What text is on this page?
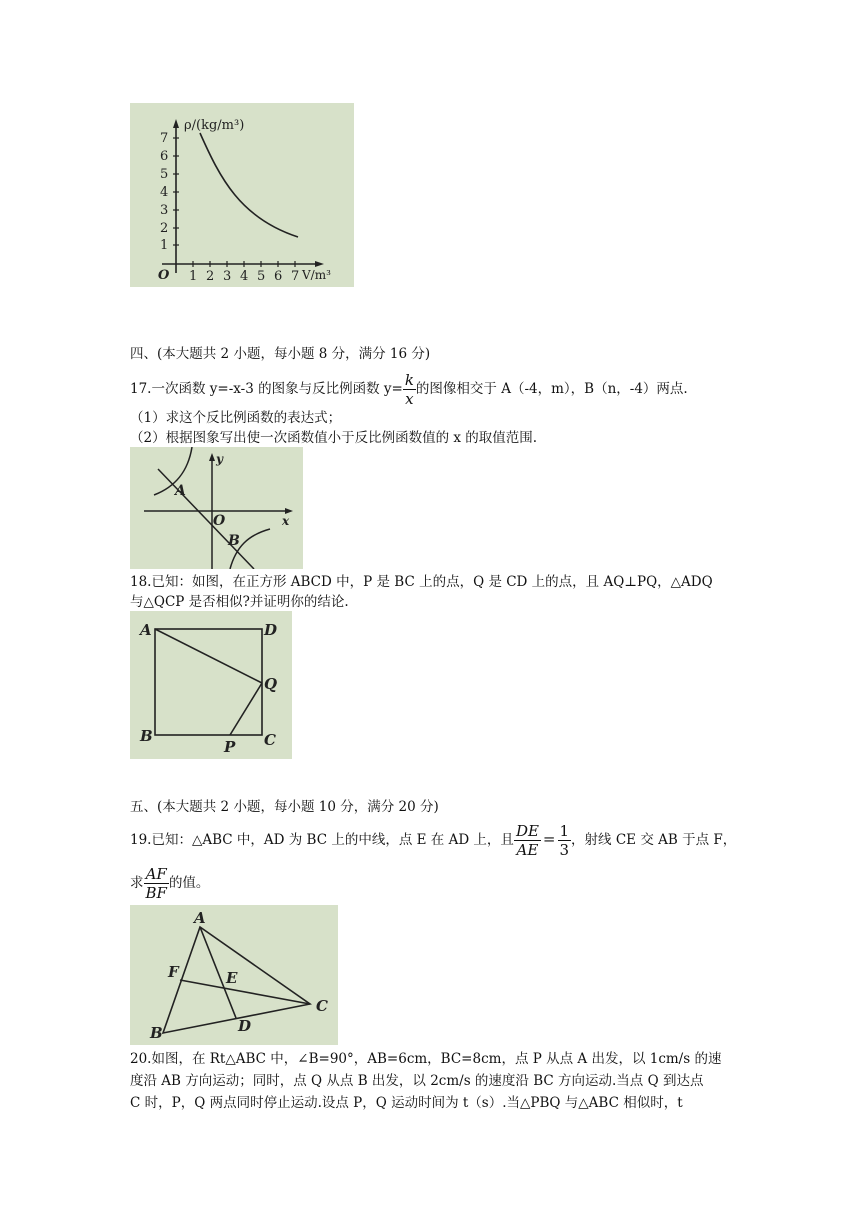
1
2
3
4
5
6
7
1 2 3 4 5 6 7
O
ρ/(kg/m³)
V/m³
四、(本大题共 2 小题，每小题 8 分，满分 16 分)
17.一次函数 y=-x-3 的图象与反比例函数 $y= \frac{k}{x}$ 的图像相交于 A（-4，m），B（n，-4）两点.
（1）求这个反比例函数的表达式；
（2）根据图象写出使一次函数值小于反比例函数值的 x 的取值范围.
y
x
O
A
B
18.已知：如图，在正方形 ABCD 中，P 是 BC 上的点，Q 是 CD 上的点，且 AQ⊥PQ，△ADQ
与△QCP 是否相似?并证明你的结论.
A	D
Q
B	C
P
五、(本大题共 2 小题，每小题 10 分，满分 20 分)
19.已知：△ABC 中，AD 为 BC 上的中线，点 E 在 AD 上，且 $\frac{DE}{AE} = \frac{1}{3}$ ，射线 CE 交 AB 于点 F，
求 $\frac{AF}{BF}$ 的值。
A
F	E
C
D
B
20.如图，在 Rt△ABC 中，∠B=90°，AB=6cm，BC=8cm，点 P 从点 A 出发，以 1cm/s 的速
度沿 AB 方向运动；同时，点 Q 从点 B 出发，以 2cm/s 的速度沿 BC 方向运动.当点 Q 到达点
C 时，P，Q 两点同时停止运动.设点 P，Q 运动时间为 t（s）.当△PBQ 与△ABC 相似时，t
